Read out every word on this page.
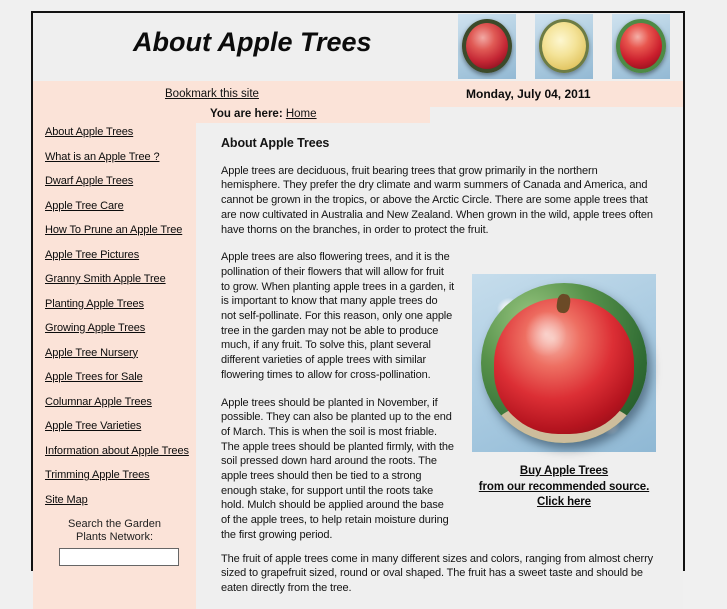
About Apple Trees
Bookmark this site	Monday, July 04, 2011
You are here: Home
About Apple Trees
What is an Apple Tree ?
Dwarf Apple Trees
Apple Tree Care
How To Prune an Apple Tree
Apple Tree Pictures
Granny Smith Apple Tree
Planting Apple Trees
Growing Apple Trees
Apple Tree Nursery
Apple Trees for Sale
Columnar Apple Trees
Apple Tree Varieties
Information about Apple Trees
Trimming Apple Trees
Site Map
Search the Garden
Plants Network:
About Apple Trees

Apple trees are deciduous, fruit bearing trees that grow primarily in the northern hemisphere. They prefer the dry climate and warm summers of Canada and America, and cannot be grown in the tropics, or above the Arctic Circle. There are some apple trees that are now cultivated in Australia and New Zealand. When grown in the wild, apple trees often have thorns on the branches, in order to protect the fruit.

Apple trees are also flowering trees, and it is the pollination of their flowers that will allow for fruit to grow. When planting apple trees in a garden, it is important to know that many apple trees do not self-pollinate. For this reason, only one apple tree in the garden may not be able to produce much, if any fruit. To solve this, plant several different varieties of apple trees with similar flowering times to allow for cross-pollination.

Apple trees should be planted in November, if possible. They can also be planted up to the end of March. This is when the soil is most friable. The apple trees should be planted firmly, with the soil pressed down hard around the roots. The apple trees should then be tied to a strong enough stake, for support until the roots take hold. Mulch should be applied around the base of the apple trees, to help retain moisture during the first growing period.

Buy Apple Trees
from our recommended source. Click here

The fruit of apple trees come in many different sizes and colors, ranging from almost cherry sized to grapefruit sized, round or oval shaped. The fruit has a sweet taste and should be eaten directly from the tree.
